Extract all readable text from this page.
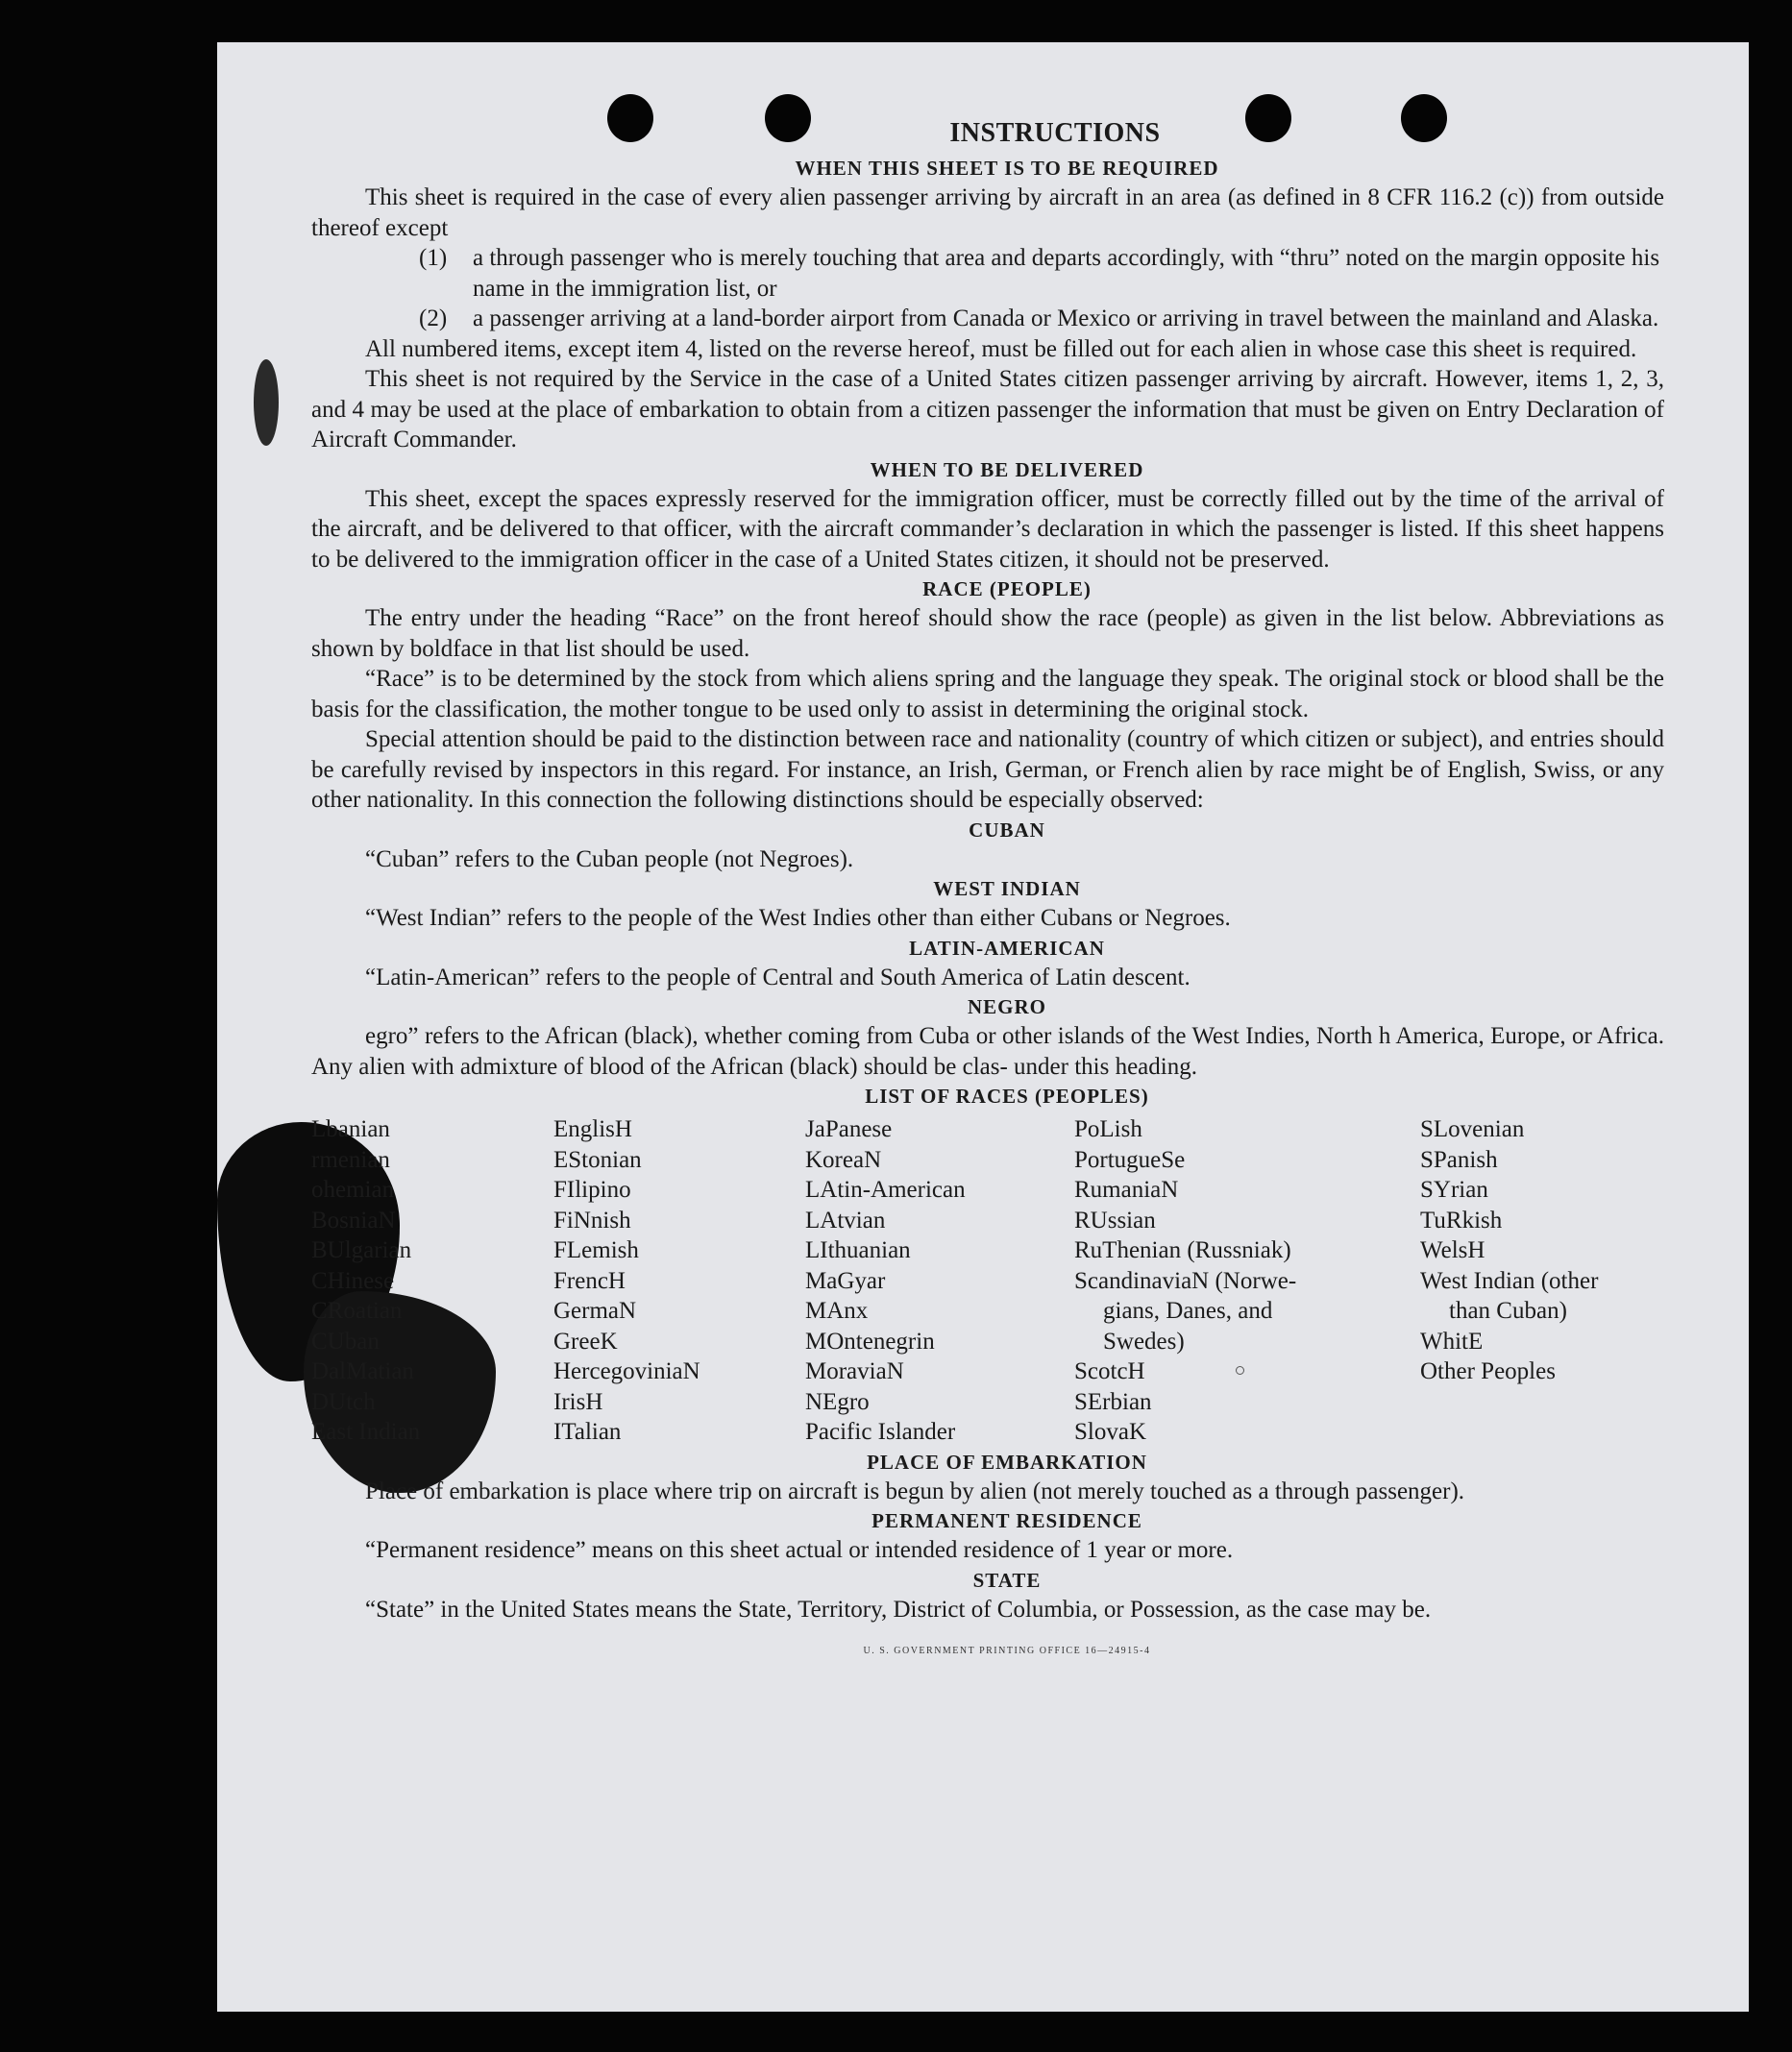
INSTRUCTIONS
WHEN THIS SHEET IS TO BE REQUIRED

This sheet is required in the case of every alien passenger arriving by aircraft in an area (as defined in 8 CFR 116.2 (c)) from outside thereof except

(1) a through passenger who is merely touching that area and departs accordingly, with “thru” noted on the margin opposite his name in the immigration list, or
(2) a passenger arriving at a land-border airport from Canada or Mexico or arriving in travel between the mainland and Alaska.

All numbered items, except item 4, listed on the reverse hereof, must be filled out for each alien in whose case this sheet is required.

This sheet is not required by the Service in the case of a United States citizen passenger arriving by aircraft. However, items 1, 2, 3, and 4 may be used at the place of embarkation to obtain from a citizen passenger the information that must be given on Entry Declaration of Aircraft Commander.

WHEN TO BE DELIVERED

This sheet, except the spaces expressly reserved for the immigration officer, must be correctly filled out by the time of the arrival of the aircraft, and be delivered to that officer, with the aircraft commander’s declaration in which the passenger is listed. If this sheet happens to be delivered to the immigration officer in the case of a United States citizen, it should not be preserved.

RACE (PEOPLE)

The entry under the heading “Race” on the front hereof should show the race (people) as given in the list below. Abbreviations as shown by boldface in that list should be used.

“Race” is to be determined by the stock from which aliens spring and the language they speak. The original stock or blood shall be the basis for the classification, the mother tongue to be used only to assist in determining the original stock.

Special attention should be paid to the distinction between race and nationality (country of which citizen or subject), and entries should be carefully revised by inspectors in this regard. For instance, an Irish, German, or French alien by race might be of English, Swiss, or any other nationality. In this connection the following distinctions should be especially observed:

CUBAN

“Cuban” refers to the Cuban people (not Negroes).

WEST INDIAN

“West Indian” refers to the people of the West Indies other than either Cubans or Negroes.

LATIN-AMERICAN

“Latin-American” refers to the people of Central and South America of Latin descent.

NEGRO

egro” refers to the African (black), whether coming from Cuba or other islands of the West Indies, North h America, Europe, or Africa. Any alien with admixture of blood of the African (black) should be clas- under this heading.

LIST OF RACES (PEOPLES)
Lbanian
rmenian
ohemian
BosniaN
BUlgarian
CHinese
CRoatian
CUban
DalMatian
DUtch
East Indian
EnglisH
EStonian
FIlipino
FiNnish
FLemish
FrencH
GermaN
GreeK
HercegoviniaN
IrisH
ITalian
JaPanese
KoreaN
LAtin-American
LAtvian
LIthuanian
MaGyar
MAnx
MOntenegrin
MoraviaN
NEgro
Pacific Islander
PoLish
PortugueSe
RumaniaN
RUssian
RuThenian (Russniak)
ScandinaviaN (Norwe-
gians, Danes, and
Swedes)
ScotcH
SErbian
SlovaK
SLovenian
SPanish
SYrian
TuRkish
WelsH
West Indian (other
than Cuban)
WhitE
Other Peoples
PLACE OF EMBARKATION

Place of embarkation is place where trip on aircraft is begun by alien (not merely touched as a through passenger).

PERMANENT RESIDENCE

“Permanent residence” means on this sheet actual or intended residence of 1 year or more.

STATE

“State” in the United States means the State, Territory, District of Columbia, or Possession, as the case may be.

U. S. GOVERNMENT PRINTING OFFICE 16—24915-4
